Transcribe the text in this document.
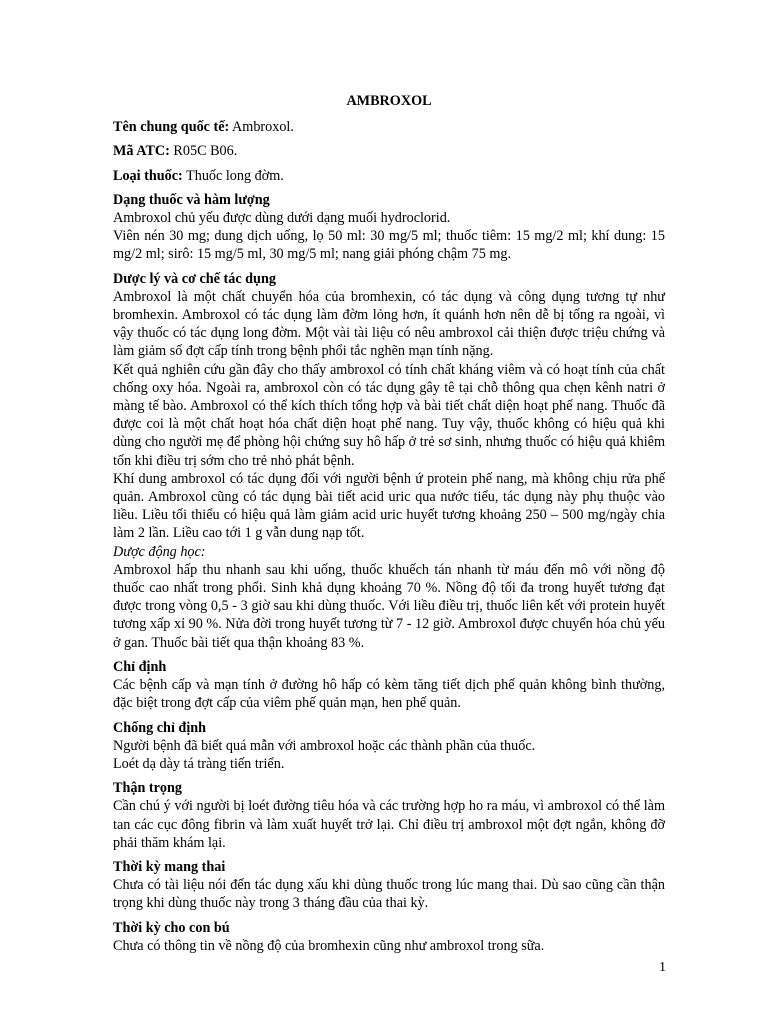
AMBROXOL
Tên chung quốc tế: Ambroxol.
Mã ATC: R05C B06.
Loại thuốc: Thuốc long đờm.
Dạng thuốc và hàm lượng
Ambroxol chủ yếu được dùng dưới dạng muối hydroclorid.
Viên nén 30 mg; dung dịch uống, lọ 50 ml: 30 mg/5 ml; thuốc tiêm: 15 mg/2 ml; khí dung: 15 mg/2 ml; sirô: 15 mg/5 ml, 30 mg/5 ml; nang giải phóng chậm 75 mg.
Dược lý và cơ chế tác dụng
Ambroxol là một chất chuyển hóa của bromhexin, có tác dụng và công dụng tương tự như bromhexin. Ambroxol có tác dụng làm đờm lỏng hơn, ít quánh hơn nên dễ bị tống ra ngoài, vì vậy thuốc có tác dụng long đờm. Một vài tài liệu có nêu ambroxol cải thiện được triệu chứng và làm giảm số đợt cấp tính trong bệnh phổi tắc nghẽn mạn tính nặng.
Kết quả nghiên cứu gần đây cho thấy ambroxol có tính chất kháng viêm và có hoạt tính của chất chống oxy hóa. Ngoài ra, ambroxol còn có tác dụng gây tê tại chỗ thông qua chẹn kênh natri ở màng tế bào. Ambroxol có thể kích thích tổng hợp và bài tiết chất diện hoạt phế nang. Thuốc đã được coi là một chất hoạt hóa chất diện hoạt phế nang. Tuy vậy, thuốc không có hiệu quả khi dùng cho người mẹ để phòng hội chứng suy hô hấp ở trẻ sơ sinh, nhưng thuốc có hiệu quả khiêm tốn khi điều trị sớm cho trẻ nhỏ phát bệnh.
Khí dung ambroxol có tác dụng đối với người bệnh ứ protein phế nang, mà không chịu rửa phế quản. Ambroxol cũng có tác dụng bài tiết acid uric qua nước tiểu, tác dụng này phụ thuộc vào liều. Liều tối thiểu có hiệu quả làm giảm acid uric huyết tương khoảng 250 – 500 mg/ngày chia làm 2 lần. Liều cao tới 1 g vẫn dung nạp tốt.
Dược động học:
Ambroxol hấp thu nhanh sau khi uống, thuốc khuếch tán nhanh từ máu đến mô với nồng độ thuốc cao nhất trong phổi. Sinh khả dụng khoảng 70 %. Nồng độ tối đa trong huyết tương đạt được trong vòng 0,5 - 3 giờ sau khi dùng thuốc. Với liều điều trị, thuốc liên kết với protein huyết tương xấp xỉ 90 %. Nửa đời trong huyết tương từ 7 - 12 giờ. Ambroxol được chuyển hóa chủ yếu ở gan. Thuốc bài tiết qua thận khoảng 83 %.
Chỉ định
Các bệnh cấp và mạn tính ở đường hô hấp có kèm tăng tiết dịch phế quản không bình thường, đặc biệt trong đợt cấp của viêm phế quản mạn, hen phế quản.
Chống chỉ định
Người bệnh đã biết quá mẫn với ambroxol hoặc các thành phần của thuốc.
Loét dạ dày tá tràng tiến triển.
Thận trọng
Cần chú ý với người bị loét đường tiêu hóa và các trường hợp ho ra máu, vì ambroxol có thể làm tan các cục đông fibrin và làm xuất huyết trở lại. Chỉ điều trị ambroxol một đợt ngắn, không đỡ phải thăm khám lại.
Thời kỳ mang thai
Chưa có tài liệu nói đến tác dụng xấu khi dùng thuốc trong lúc mang thai. Dù sao cũng cần thận trọng khi dùng thuốc này trong 3 tháng đầu của thai kỳ.
Thời kỳ cho con bú
Chưa có thông tin về nồng độ của bromhexin cũng như ambroxol trong sữa.
1
